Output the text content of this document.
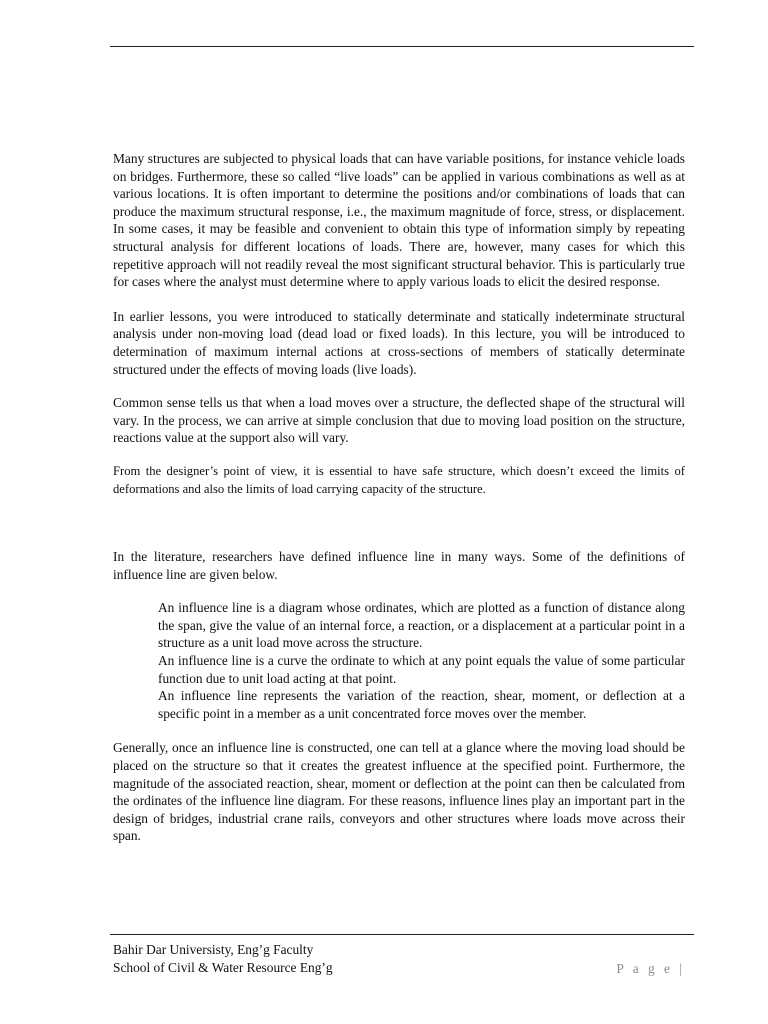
Many structures are subjected to physical loads that can have variable positions, for instance vehicle loads on bridges. Furthermore, these so called “live loads” can be applied in various combinations as well as at various locations. It is often important to determine the positions and/or combinations of loads that can produce the maximum structural response, i.e., the maximum magnitude of force, stress, or displacement. In some cases, it may be feasible and convenient to obtain this type of information simply by repeating structural analysis for different locations of loads. There are, however, many cases for which this repetitive approach will not readily reveal the most significant structural behavior. This is particularly true for cases where the analyst must determine where to apply various loads to elicit the desired response.

In earlier lessons, you were introduced to statically determinate and statically indeterminate structural analysis under non-moving load (dead load or fixed loads). In this lecture, you will be introduced to determination of maximum internal actions at cross-sections of members of statically determinate structured under the effects of moving loads (live loads).

Common sense tells us that when a load moves over a structure, the deflected shape of the structural will vary. In the process, we can arrive at simple conclusion that due to moving load position on the structure, reactions value at the support also will vary.

From the designer’s point of view, it is essential to have safe structure, which doesn’t exceed the limits of deformations and also the limits of load carrying capacity of the structure.

In the literature, researchers have defined influence line in many ways. Some of the definitions of influence line are given below.

An influence line is a diagram whose ordinates, which are plotted as a function of distance along the span, give the value of an internal force, a reaction, or a displacement at a particular point in a structure as a unit load move across the structure.
An influence line is a curve the ordinate to which at any point equals the value of some particular function due to unit load acting at that point.
An influence line represents the variation of the reaction, shear, moment, or deflection at a specific point in a member as a unit concentrated force moves over the member.

Generally, once an influence line is constructed, one can tell at a glance where the moving load should be placed on the structure so that it creates the greatest influence at the specified point. Furthermore, the magnitude of the associated reaction, shear, moment or deflection at the point can then be calculated from the ordinates of the influence line diagram. For these reasons, influence lines play an important part in the design of bridges, industrial crane rails, conveyors and other structures where loads move across their span.

Bahir Dar Universisty, Eng’g Faculty
School of Civil & Water Resource Eng’g	P a g e |
